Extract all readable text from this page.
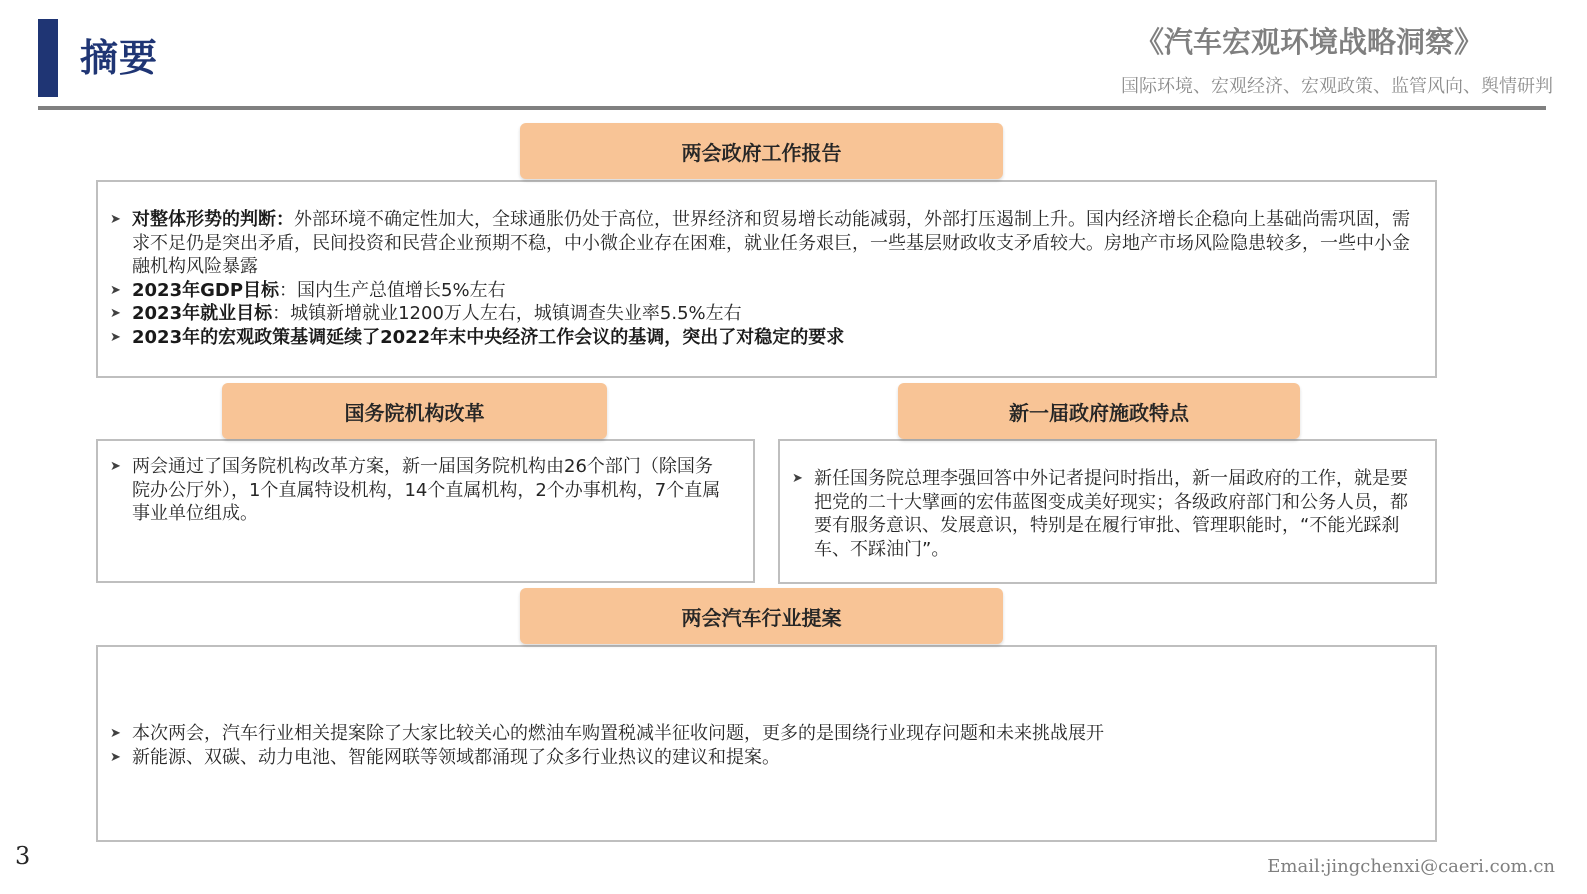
摘要	《汽车宏观环境战略洞察》
国际环境、宏观经济、宏观政策、监管风向、舆情研判
两会政府工作报告
➤ 对整体形势的判断：外部环境不确定性加大，全球通胀仍处于高位，世界经济和贸易增长动能减弱，外部打压遏制上升。国内经济增长企稳向上基础尚需巩固，需求不足仍是突出矛盾，民间投资和民营企业预期不稳，中小微企业存在困难，就业任务艰巨，一些基层财政收支矛盾较大。房地产市场风险隐患较多，一些中小金融机构风险暴露
➤ 2023年GDP目标：国内生产总值增长5%左右
➤ 2023年就业目标：城镇新增就业1200万人左右，城镇调查失业率5.5%左右
➤ 2023年的宏观政策基调延续了2022年末中央经济工作会议的基调，突出了对稳定的要求
国务院机构改革
➤ 两会通过了国务院机构改革方案，新一届国务院机构由26个部门（除国务院办公厅外），1个直属特设机构，14个直属机构，2个办事机构，7个直属事业单位组成。
新一届政府施政特点
➤ 新任国务院总理李强回答中外记者提问时指出，新一届政府的工作，就是要把党的二十大擘画的宏伟蓝图变成美好现实；各级政府部门和公务人员，都要有服务意识、发展意识，特别是在履行审批、管理职能时，“不能光踩刹车、不踩油门”。
两会汽车行业提案
➤ 本次两会，汽车行业相关提案除了大家比较关心的燃油车购置税减半征收问题，更多的是围绕行业现存问题和未来挑战展开
➤ 新能源、双碳、动力电池、智能网联等领域都涌现了众多行业热议的建议和提案。
3	Email:jingchenxi@caeri.com.cn
